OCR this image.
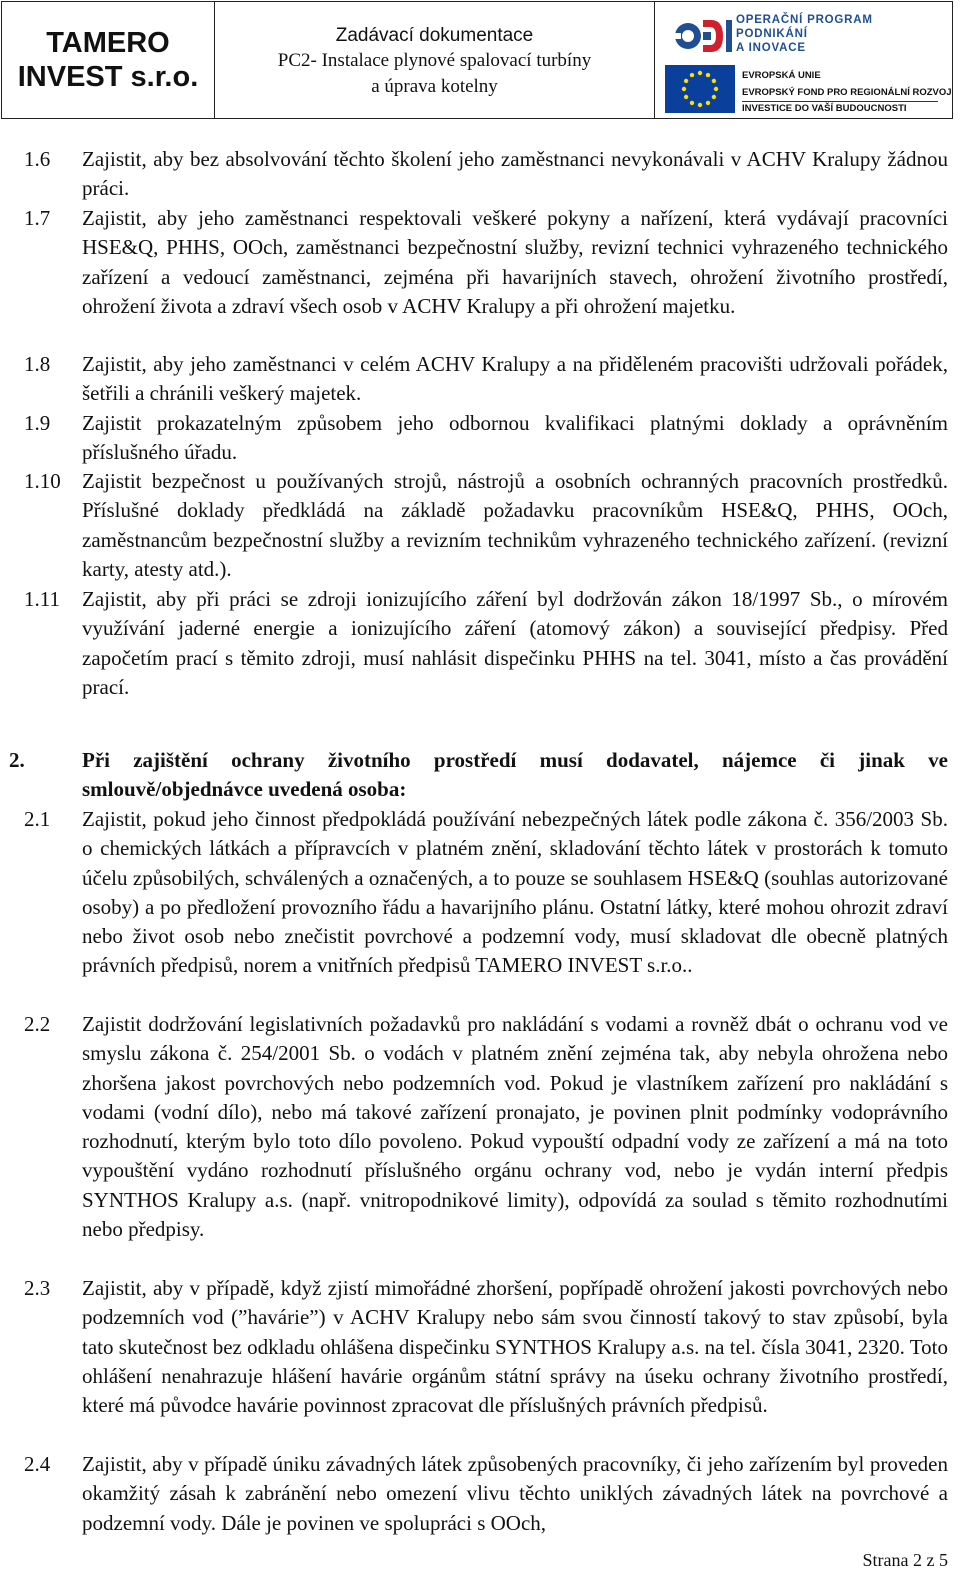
TAMERO
INVEST s.r.o.
Zadávací dokumentace
PC2- Instalace plynové spalovací turbíny
a úprava kotelny
OPERAČNÍ PROGRAM
PODNIKÁNÍ
A INOVACE
EVROPSKÁ UNIE
EVROPSKÝ FOND PRO REGIONÁLNÍ ROZVOJ
INVESTICE DO VAŠÍ BUDOUCNOSTI
1.6 Zajistit, aby bez absolvování těchto školení jeho zaměstnanci nevykonávali v ACHV Kralupy žádnou práci.
1.7 Zajistit, aby jeho zaměstnanci respektovali veškeré pokyny a nařízení, která vydávají pracovníci HSE&Q, PHHS, OOch, zaměstnanci bezpečnostní služby, revizní technici vyhrazeného technického zařízení a vedoucí zaměstnanci, zejména při havarijních stavech, ohrožení životního prostředí, ohrožení života a zdraví všech osob v ACHV Kralupy a při ohrožení majetku.
1.8 Zajistit, aby jeho zaměstnanci v celém ACHV Kralupy a na přiděleném pracovišti udržovali pořádek, šetřili a chránili veškerý majetek.
1.9 Zajistit prokazatelným způsobem jeho odbornou kvalifikaci platnými doklady a oprávněním příslušného úřadu.
1.10 Zajistit bezpečnost u používaných strojů, nástrojů a osobních ochranných pracovních prostředků. Příslušné doklady předkládá na základě požadavku pracovníkům HSE&Q, PHHS, OOch, zaměstnancům bezpečnostní služby a revizním technikům vyhrazeného technického zařízení. (revizní karty, atesty atd.).
1.11 Zajistit, aby při práci se zdroji ionizujícího záření byl dodržován zákon 18/1997 Sb., o mírovém využívání jaderné energie a ionizujícího záření (atomový zákon) a související předpisy. Před započetím prací s těmito zdroji, musí nahlásit dispečinku PHHS na tel. 3041, místo a čas provádění prací.
2.	Při zajištění ochrany životního prostředí musí dodavatel, nájemce či jinak ve smlouvě/objednávce uvedená osoba:
2.1 Zajistit, pokud jeho činnost předpokládá používání nebezpečných látek podle zákona č. 356/2003 Sb. o chemických látkách a přípravcích v platném znění, skladování těchto látek v prostorách k tomuto účelu způsobilých, schválených a označených, a to pouze se souhlasem HSE&Q (souhlas autorizované osoby) a po předložení provozního řádu a havarijního plánu. Ostatní látky, které mohou ohrozit zdraví nebo život osob nebo znečistit povrchové a podzemní vody, musí skladovat dle obecně platných právních předpisů, norem a vnitřních předpisů TAMERO INVEST s.r.o..
2.2 Zajistit dodržování legislativních požadavků pro nakládání s vodami a rovněž dbát o ochranu vod ve smyslu zákona č. 254/2001 Sb. o vodách v platném znění zejména tak, aby nebyla ohrožena nebo zhoršena jakost povrchových nebo podzemních vod. Pokud je vlastníkem zařízení pro nakládání s vodami (vodní dílo), nebo má takové zařízení pronajato, je povinen plnit podmínky vodoprávního rozhodnutí, kterým bylo toto dílo povoleno. Pokud vypouští odpadní vody ze zařízení a má na toto vypouštění vydáno rozhodnutí příslušného orgánu ochrany vod, nebo je vydán interní předpis SYNTHOS Kralupy a.s. (např. vnitropodnikové limity), odpovídá za soulad s těmito rozhodnutími nebo předpisy.
2.3 Zajistit, aby v případě, když zjistí mimořádné zhoršení, popřípadě ohrožení jakosti povrchových nebo podzemních vod (”havárie”) v ACHV Kralupy nebo sám svou činností takový to stav způsobí, byla tato skutečnost bez odkladu ohlášena dispečinku SYNTHOS Kralupy a.s. na tel. čísla 3041, 2320. Toto ohlášení nenahrazuje hlášení havárie orgánům státní správy na úseku ochrany životního prostředí, které má původce havárie povinnost zpracovat dle příslušných právních předpisů.
2.4 Zajistit, aby v případě úniku závadných látek způsobených pracovníky, či jeho zařízením byl proveden okamžitý zásah k zabránění nebo omezení vlivu těchto uniklých závadných látek na povrchové a podzemní vody. Dále je povinen ve spolupráci s OOch,
Strana 2 z 5
